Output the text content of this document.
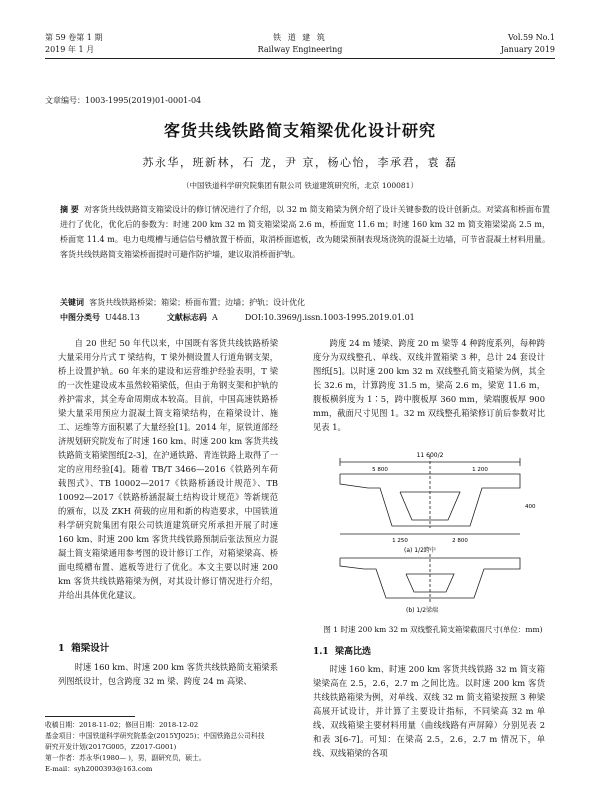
第 59 卷第 1 期
2019 年 1 月
铁 道 建 筑
Railway Engineering
Vol.59 No.1
January 2019
文章编号：1003-1995(2019)01-0001-04
客货共线铁路简支箱梁优化设计研究
苏永华，班新林，石 龙，尹 京，杨心怡，李承君，袁 磊
（中国铁道科学研究院集团有限公司 铁道建筑研究所，北京 100081）
摘 要 对客货共线铁路简支箱梁设计的修订情况进行了介绍，以 32 m 简支箱梁为例介绍了设计关键参数的设计创新点。对梁高和桥面布置进行了优化，优化后的参数为：时速 200 km 32 m 简支箱梁梁高 2.6 m，桥面宽 11.6 m；时速 160 km 32 m 简支箱梁梁高 2.5 m，桥面宽 11.4 m。电力电缆槽与通信信号槽放置于桥面，取消桥面遮板，改为随梁预制表现场浇筑的混凝土边墙，可节省混凝土材料用量。客货共线铁路简支箱梁桥面提时可避作防护墙，建议取消桥面护轨。
关键词 客货共线铁路桥梁；箱梁；桥面布置；边墙；护轨；设计优化
中图分类号 U448.13	文献标志码 A	DOI:10.3969/j.issn.1003-1995.2019.01.01

自 20 世纪 50 年代以来，中国既有客货共线铁路桥梁大量采用分片式 T 梁结构，T 梁外侧设置人行道角钢支架，桥上设置护轨。60 年来的建设和运营维护经验表明，T 梁的一次性建设成本虽然较箱梁低，但由于角钢支架和护轨的养护需求，其全寿命周期成本较高。目前，中国高速铁路桥梁大量采用预应力混凝土简支箱梁结构，在箱梁设计、施工、运维等方面积累了大量经验[1]。2014 年，原铁道部经济规划研究院发布了时速 160 km、时速 200 km 客货共线铁路简支箱梁图纸[2-3]，在沪通铁路、青连铁路上取得了一定的应用经验[4]。随着 TB/T 3466—2016《铁路列车荷载图式》、TB 10002—2017《铁路桥涵设计规范》、TB 10092—2017《铁路桥涵混凝土结构设计规范》等新规范的颁布，以及 ZKH 荷载的应用和新的构造要求，中国铁道科学研究院集团有限公司铁道建筑研究所承担开展了时速 160 km、时速 200 km 客货共线铁路预制后张法预应力混凝土简支箱梁通用参考图的设计修订工作，对箱梁梁高、桥面电缆槽布置、遮板等进行了优化。本文主要以时速 200 km 客货共线铁路箱梁为例，对其设计修订情况进行介绍，并给出具体优化建议。

1 箱梁设计

时速 160 km、时速 200 km 客货共线铁路简支箱梁系列图纸设计，包含跨度 32 m 梁、跨度 24 m 高梁、

收稿日期：2018-11-02；修回日期：2018-12-02
基金项目：中国铁道科学研究院基金(2015YJ025)；中国铁路总公司科技研究开发计划(2017G005，Z2017-G001)
第一作者：苏永华(1980— )，男，副研究员，硕士。
E-mail：syh2000393@163.com

跨度 24 m 矮梁、跨度 20 m 梁等 4 种跨度系列，每种跨度分为双线整孔、单线、双线并置箱梁 3 种，总计 24 套设计图纸[5]。以时速 200 km 32 m 双线整孔简支箱梁为例，其全长 32.6 m，计算跨度 31.5 m，梁高 2.6 m，梁宽 11.6 m，腹板横斜度为 1∶5，跨中腹板厚 360 mm，梁端腹板厚 900 mm，截面尺寸见图 1。32 m 双线整孔箱梁修订前后参数对比见表 1。

11 600/2
5 800	1 200
1 250	2 800
400
(a) 1/2跨中
(b) 1/2梁端
图 1 时速 200 km 32 m 双线整孔简支箱梁截面尺寸(单位：mm)
1.1 梁高比选

时速 160 km、时速 200 km 客货共线铁路 32 m 简支箱梁梁高在 2.5，2.6，2.7 m 之间比选。以时速 200 km 客货共线铁路箱梁为例，对单线、双线 32 m 简支箱梁按照 3 种梁高展开试设计，并计算了主要设计指标，不同梁高 32 m 单线、双线箱梁主要材料用量（曲线线路有声屏障）分别见表 2 和表 3[6-7]。可知：在梁高 2.5，2.6，2.7 m 情况下，单线、双线箱梁的各项
